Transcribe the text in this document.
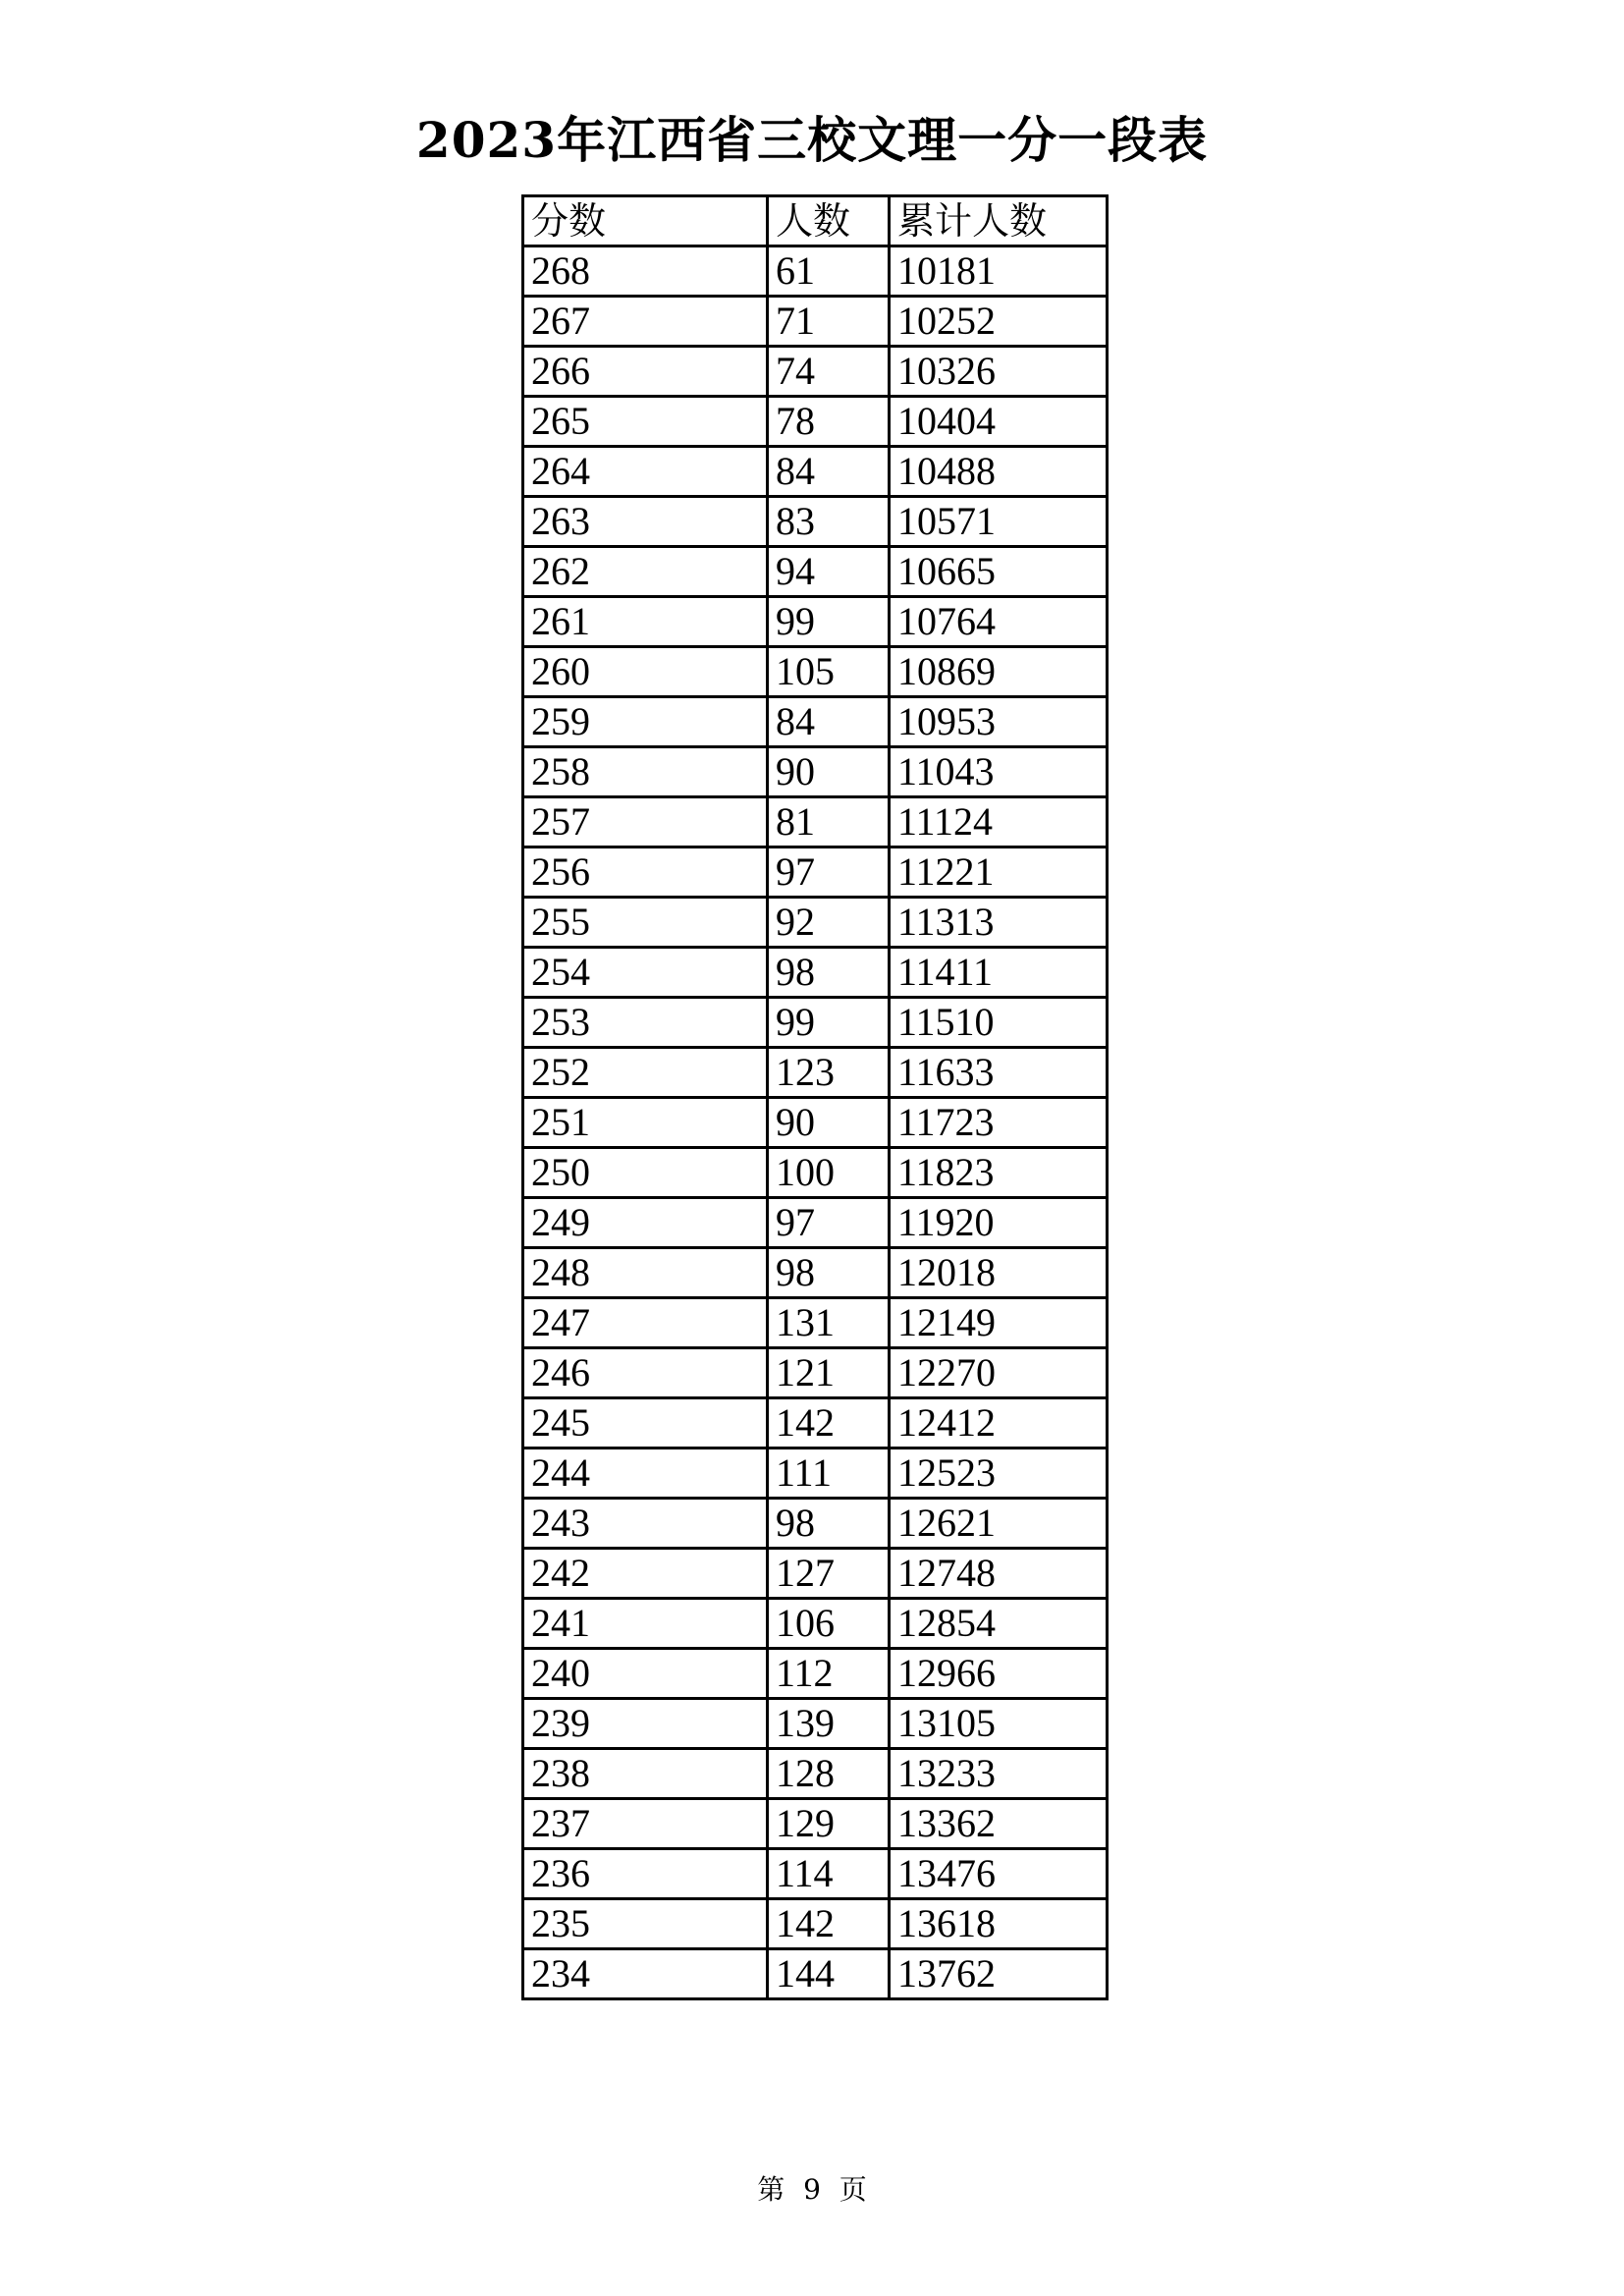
2023年江西省三校文理一分一段表
分数	人数	累计人数
268	61	10181
267	71	10252
266	74	10326
265	78	10404
264	84	10488
263	83	10571
262	94	10665
261	99	10764
260	105	10869
259	84	10953
258	90	11043
257	81	11124
256	97	11221
255	92	11313
254	98	11411
253	99	11510
252	123	11633
251	90	11723
250	100	11823
249	97	11920
248	98	12018
247	131	12149
246	121	12270
245	142	12412
244	111	12523
243	98	12621
242	127	12748
241	106	12854
240	112	12966
239	139	13105
238	128	13233
237	129	13362
236	114	13476
235	142	13618
234	144	13762
第 9 页
